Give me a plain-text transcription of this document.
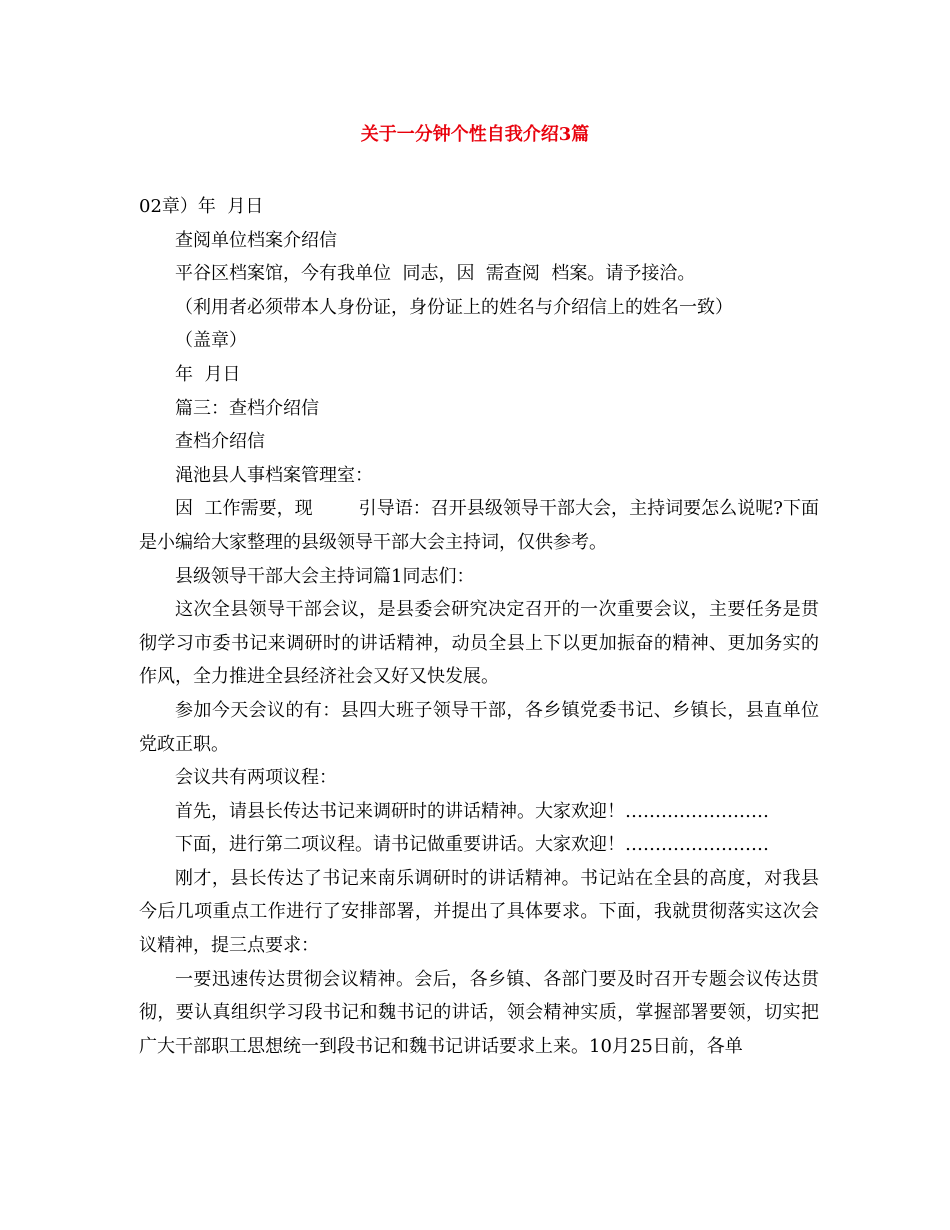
关于一分钟个性自我介绍3篇

02章）年  月日

查阅单位档案介绍信

平谷区档案馆，今有我单位  同志，因  需查阅  档案。请予接洽。

（利用者必须带本人身份证，身份证上的姓名与介绍信上的姓名一致）

（盖章）

年  月日

篇三：查档介绍信

查档介绍信

渑池县人事档案管理室：

因  工作需要，现        引导语：召开县级领导干部大会，主持词要怎么说呢?下面是小编给大家整理的县级领导干部大会主持词，仅供参考。

县级领导干部大会主持词篇1同志们：

这次全县领导干部会议，是县委会研究决定召开的一次重要会议，主要任务是贯彻学习市委书记来调研时的讲话精神，动员全县上下以更加振奋的精神、更加务实的作风，全力推进全县经济社会又好又快发展。

参加今天会议的有：县四大班子领导干部，各乡镇党委书记、乡镇长，县直单位党政正职。

会议共有两项议程：

首先，请县长传达书记来调研时的讲话精神。大家欢迎！……………………

下面，进行第二项议程。请书记做重要讲话。大家欢迎！……………………

刚才，县长传达了书记来南乐调研时的讲话精神。书记站在全县的高度，对我县今后几项重点工作进行了安排部署，并提出了具体要求。下面，我就贯彻落实这次会议精神，提三点要求：

一要迅速传达贯彻会议精神。会后，各乡镇、各部门要及时召开专题会议传达贯彻，要认真组织学习段书记和魏书记的讲话，领会精神实质，掌握部署要领，切实把广大干部职工思想统一到段书记和魏书记讲话要求上来。10月25日前，各单
